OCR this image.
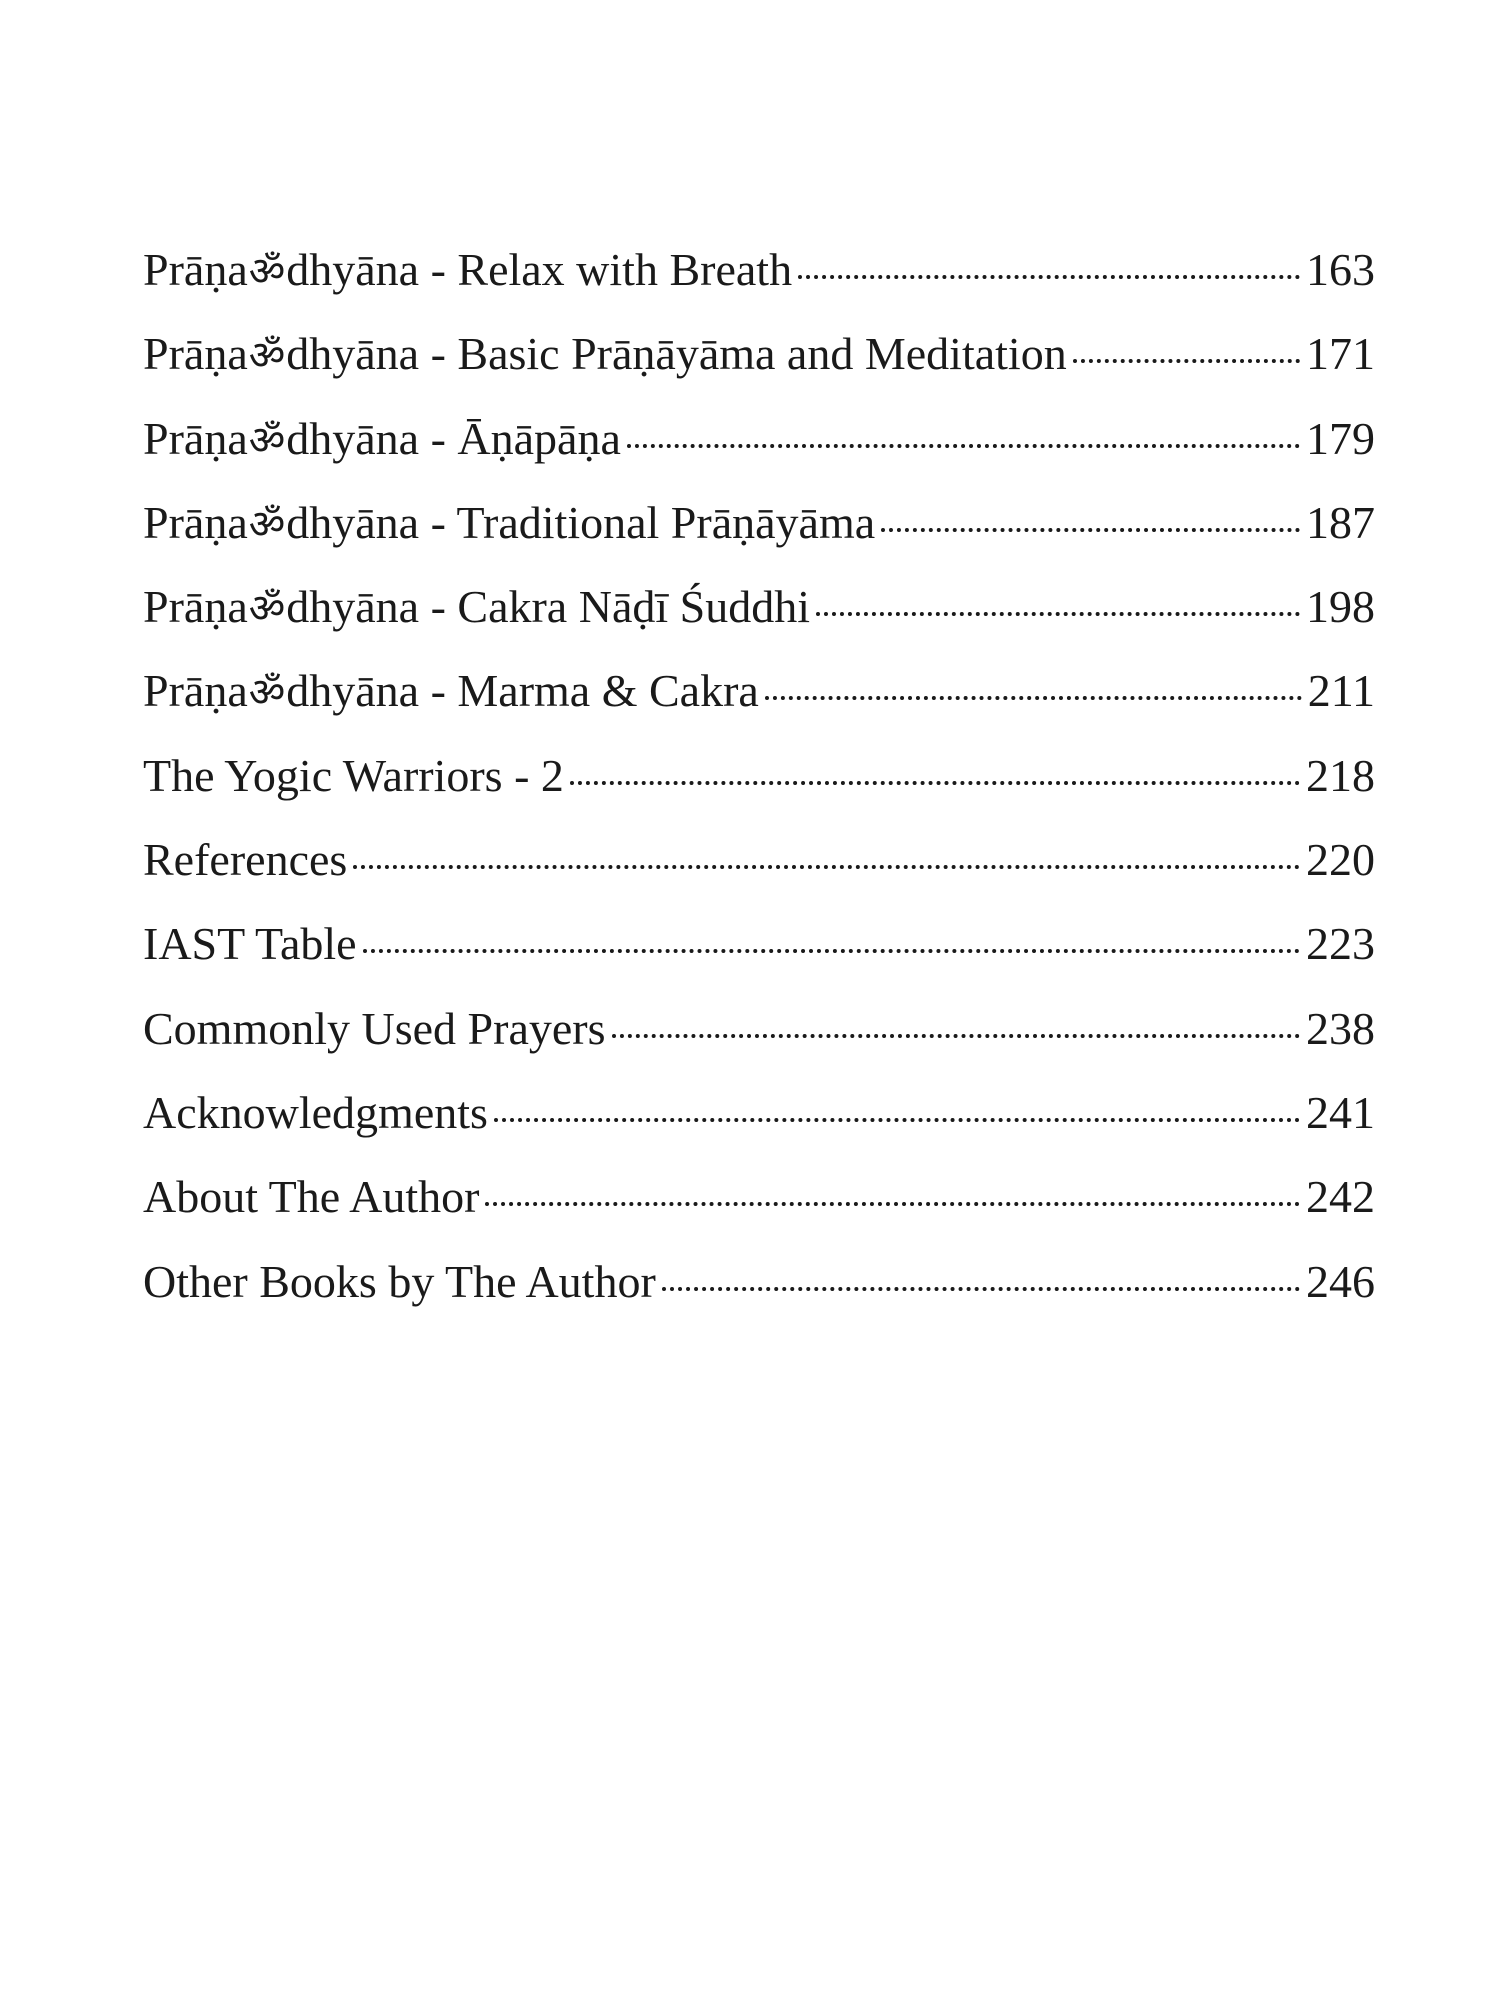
Prāṇaॐdhyāna - Relax with Breath	163
Prāṇaॐdhyāna - Basic Prāṇāyāma and Meditation	171
Prāṇaॐdhyāna - Āṇāpāṇa	179
Prāṇaॐdhyāna - Traditional Prāṇāyāma	187
Prāṇaॐdhyāna - Cakra Nāḍī Śuddhi	198
Prāṇaॐdhyāna - Marma & Cakra	211
The Yogic Warriors - 2	218
References	220
IAST Table	223
Commonly Used Prayers	238
Acknowledgments	241
About The Author	242
Other Books by The Author	246
